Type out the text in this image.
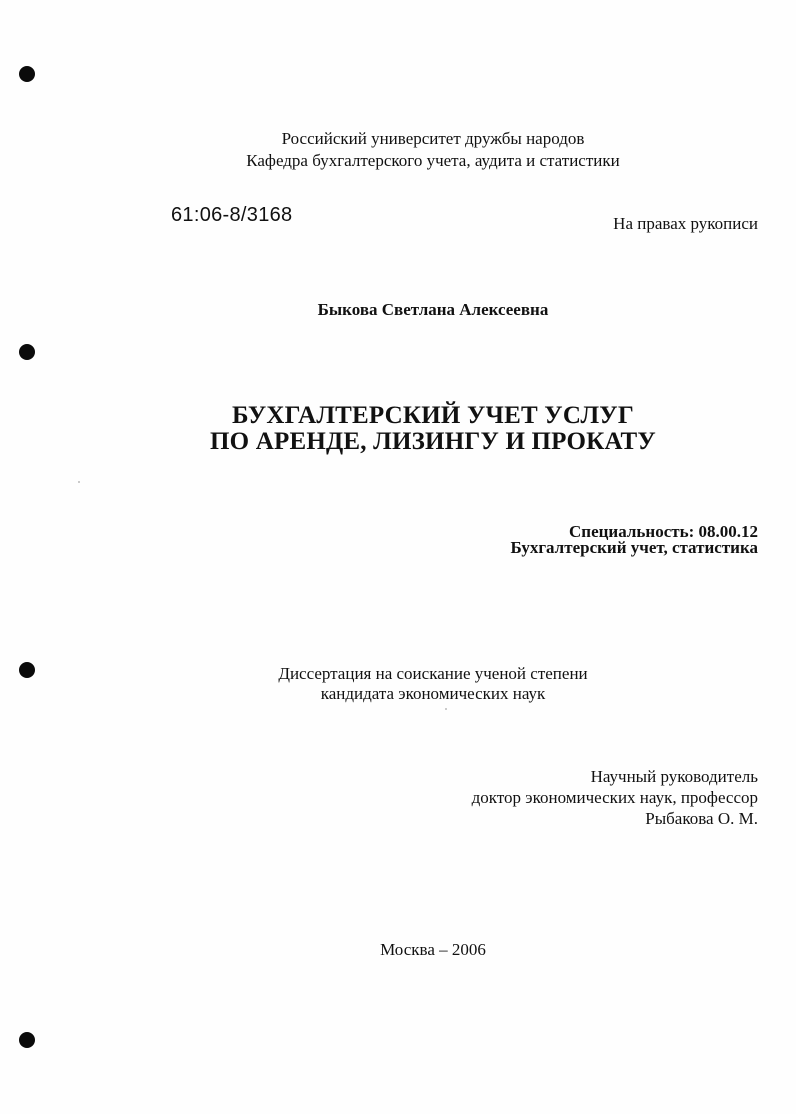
Российский университет дружбы народов
Кафедра бухгалтерского учета, аудита и статистики
61:06-8/3168	На правах рукописи
Быкова Светлана Алексеевна
БУХГАЛТЕРСКИЙ УЧЕТ УСЛУГ
ПО АРЕНДЕ, ЛИЗИНГУ И ПРОКАТУ
Специальность: 08.00.12
Бухгалтерский учет, статистика
Диссертация на соискание ученой степени
кандидата экономических наук
Научный руководитель
доктор экономических наук, профессор
Рыбакова О. М.
Москва – 2006
